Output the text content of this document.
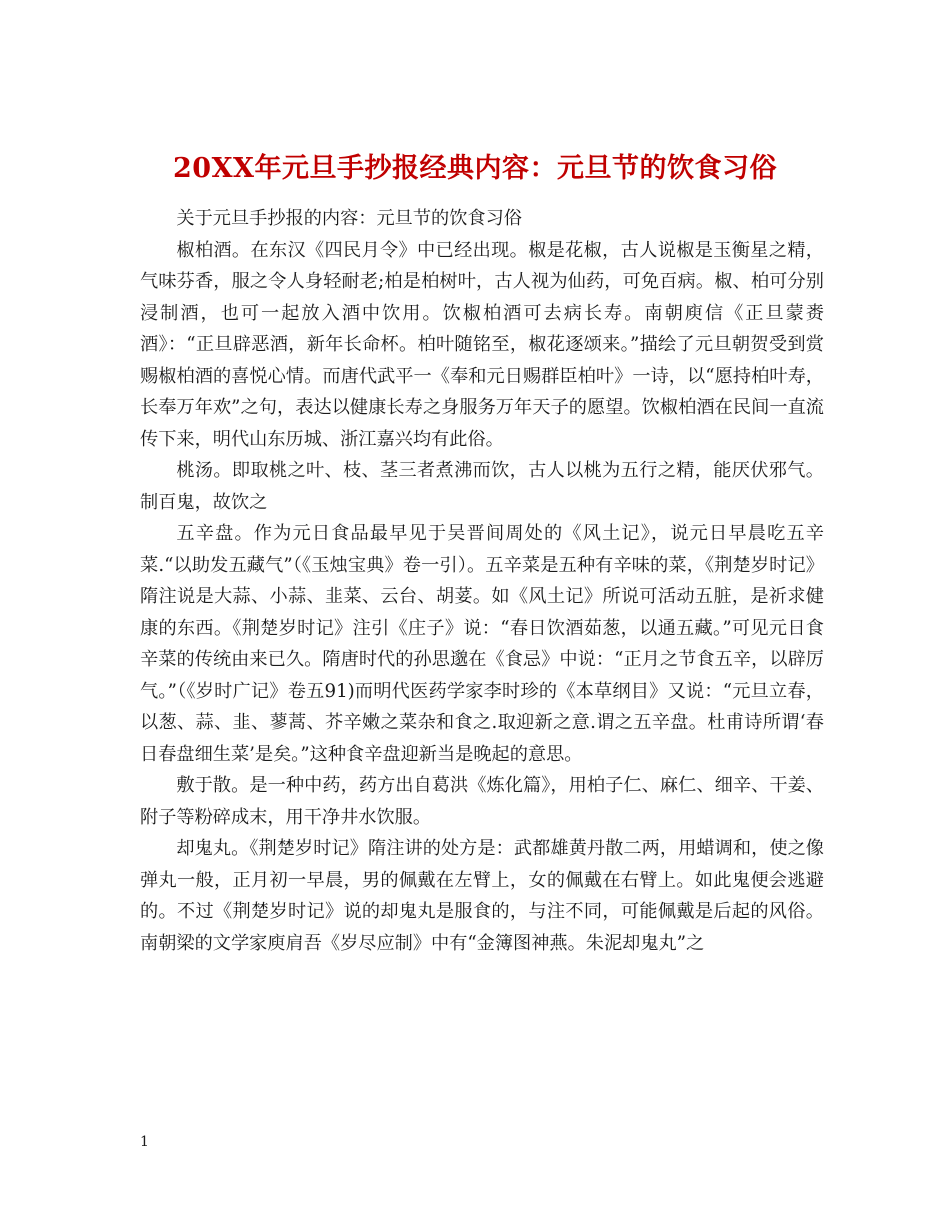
20XX年元旦手抄报经典内容：元旦节的饮食习俗

关于元旦手抄报的内容：元旦节的饮食习俗

椒柏酒。在东汉《四民月令》中已经出现。椒是花椒，古人说椒是玉衡星之精，气味芬香，服之令人身轻耐老;柏是柏树叶，古人视为仙药，可免百病。椒、柏可分别浸制酒，也可一起放入酒中饮用。饮椒柏酒可去病长寿。南朝庾信《正旦蒙赉酒》：“正旦辟恶酒，新年长命杯。柏叶随铭至，椒花逐颂来。”描绘了元旦朝贺受到赏赐椒柏酒的喜悦心情。而唐代武平一《奉和元日赐群臣柏叶》一诗，以“愿持柏叶寿，长奉万年欢”之句，表达以健康长寿之身服务万年天子的愿望。饮椒柏酒在民间一直流传下来，明代山东历城、浙江嘉兴均有此俗。

桃汤。即取桃之叶、枝、茎三者煮沸而饮，古人以桃为五行之精，能厌伏邪气。制百鬼，故饮之

五辛盘。作为元日食品最早见于吴晋间周处的《风土记》，说元日早晨吃五辛菜.“以助发五藏气”（《玉烛宝典》卷一引）。五辛菜是五种有辛味的菜，《荆楚岁时记》隋注说是大蒜、小蒜、韭菜、云台、胡荽。如《风土记》所说可活动五脏，是祈求健康的东西。《荆楚岁时记》注引《庄子》说：“春日饮酒茹葱，以通五藏。”可见元日食辛菜的传统由来已久。隋唐时代的孙思邈在《食忌》中说：“正月之节食五辛，以辟厉气。”（《岁时广记》卷五91)而明代医药学家李时珍的《本草纲目》又说：“元旦立春，以葱、蒜、韭、蓼蒿、芥辛嫩之菜杂和食之.取迎新之意.谓之五辛盘。杜甫诗所谓‘春日春盘细生菜’是矣。”这种食辛盘迎新当是晚起的意思。

敷于散。是一种中药，药方出自葛洪《炼化篇》，用柏子仁、麻仁、细辛、干姜、附子等粉碎成末，用干净井水饮服。

却鬼丸。《荆楚岁时记》隋注讲的处方是：武都雄黄丹散二两，用蜡调和，使之像弹丸一般，正月初一早晨，男的佩戴在左臂上，女的佩戴在右臂上。如此鬼便会逃避的。不过《荆楚岁时记》说的却鬼丸是服食的，与注不同，可能佩戴是后起的风俗。南朝梁的文学家庾肩吾《岁尽应制》中有“金簿图神燕。朱泥却鬼丸”之

1
